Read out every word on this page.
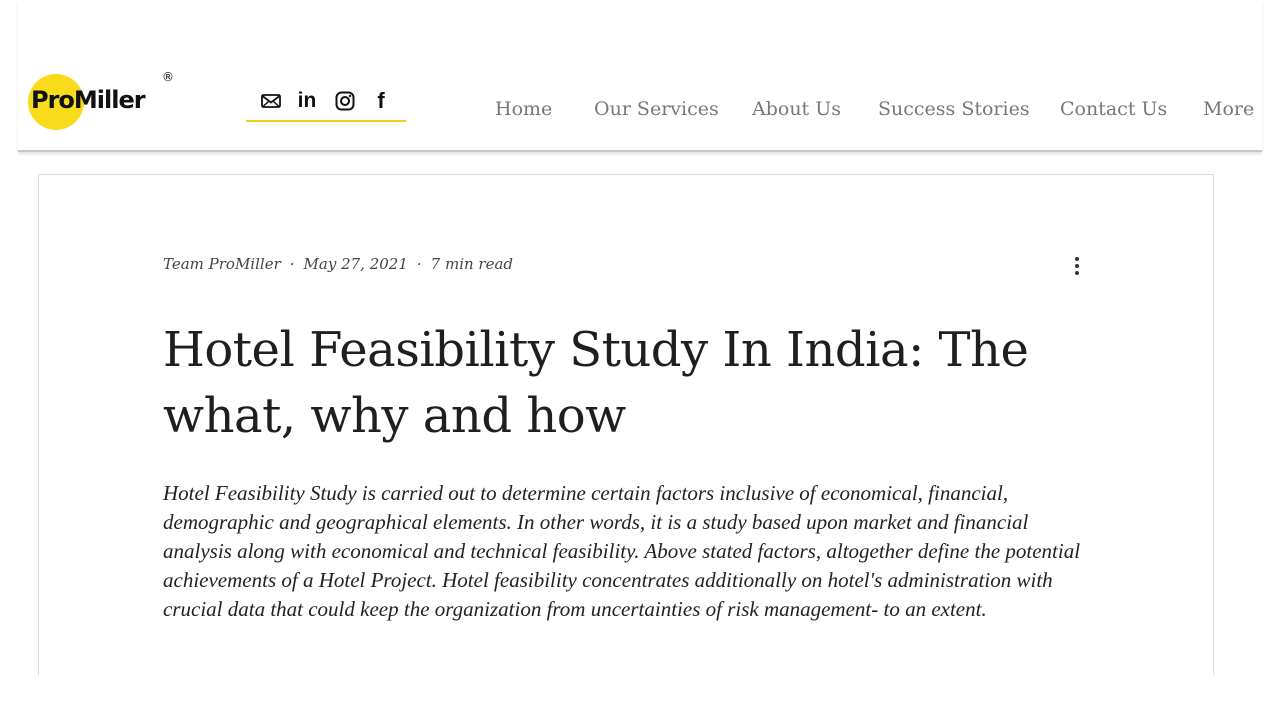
ProMiller
®
in	f	Home Our Services About Us Success Stories Contact Us More
Team ProMiller · May 27, 2021 · 7 min read
Hotel Feasibility Study In India: The what, why and how

Hotel Feasibility Study is carried out to determine certain factors inclusive of economical, financial, demographic and geographical elements. In other words, it is a study based upon market and financial analysis along with economical and technical feasibility. Above stated factors, altogether define the potential achievements of a Hotel Project. Hotel feasibility concentrates additionally on hotel's administration with crucial data that could keep the organization from uncertainties of risk management- to an extent.
